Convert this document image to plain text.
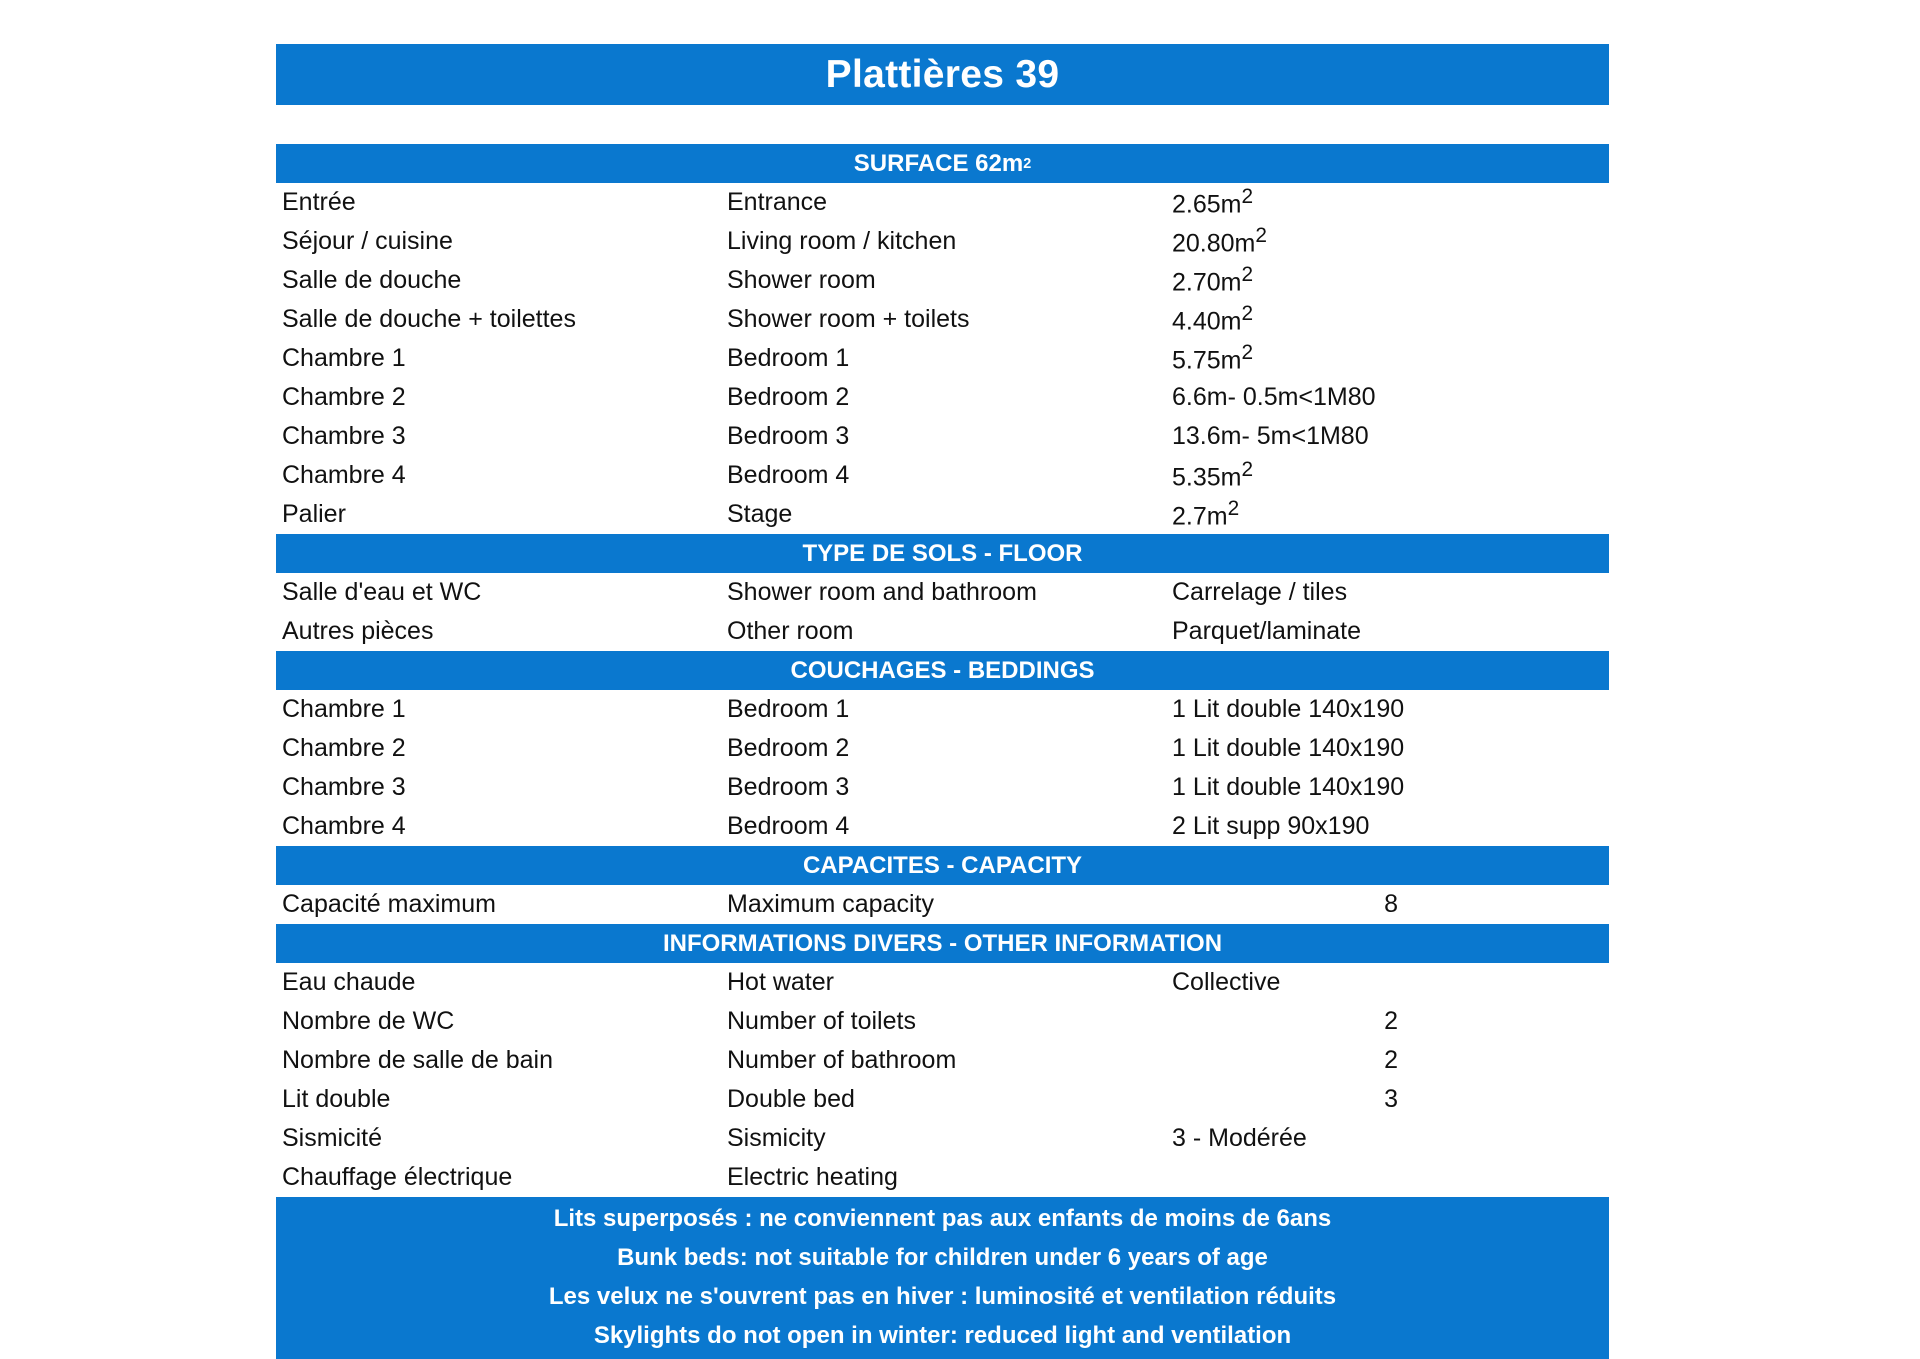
Plattières 39
SURFACE 62m 2
Entrée	Entrance	$2.65m^2$
Séjour / cuisine	Living room / kitchen	$20.80m^2$
Salle de douche	Shower room	$2.70m^2$
Salle de douche + toilettes	Shower room + toilets	$4.40m^2$
Chambre 1	Bedroom 1	$5.75m^2$
Chambre 2	Bedroom 2	6.6m- 0.5m<1M80
Chambre 3	Bedroom 3	13.6m- 5m<1M80
Chambre 4	Bedroom 4	$5.35m^2$
Palier	Stage	$2.7m^2$
TYPE DE SOLS - FLOOR
Salle d'eau et WC	Shower room and bathroom	Carrelage / tiles
Autres pièces	Other room	Parquet/laminate
COUCHAGES - BEDDINGS
Chambre 1	Bedroom 1	1 Lit double 140x190
Chambre 2	Bedroom 2	1 Lit double 140x190
Chambre 3	Bedroom 3	1 Lit double 140x190
Chambre 4	Bedroom 4	2 Lit supp 90x190
CAPACITES - CAPACITY
Capacité maximum	Maximum capacity	8
INFORMATIONS DIVERS - OTHER INFORMATION
Eau chaude	Hot water	Collective
Nombre de WC	Number of toilets	2
Nombre de salle de bain	Number of bathroom	2
Lit double	Double bed	3
Sismicité	Sismicity	3 - Modérée
Chauffage électrique	Electric heating
Lits superposés : ne conviennent pas aux enfants de moins de 6ans
Bunk beds: not suitable for children under 6 years of age
Les velux ne s'ouvrent pas en hiver : luminosité et ventilation réduits
Skylights do not open in winter: reduced light and ventilation
